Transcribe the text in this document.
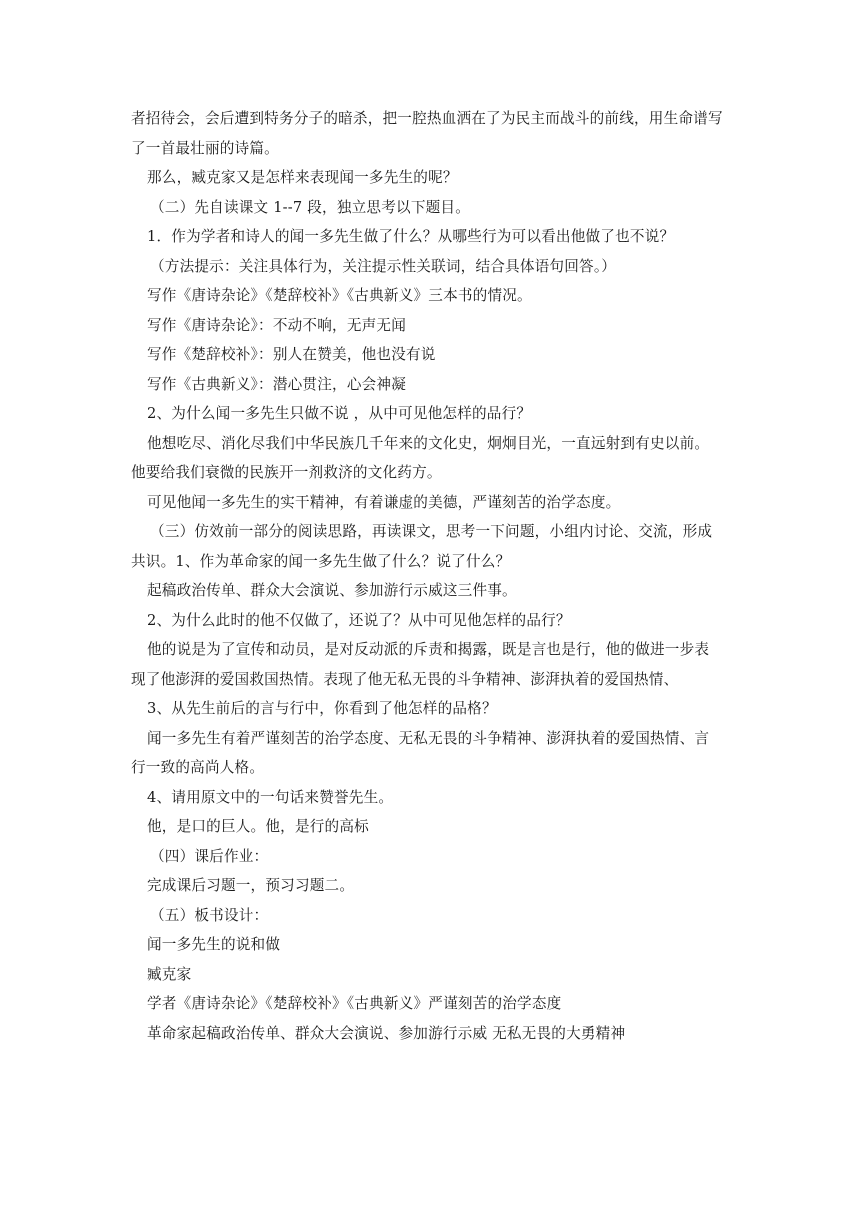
者招待会，会后遭到特务分子的暗杀，把一腔热血洒在了为民主而战斗的前线，用生命谱写
了一首最壮丽的诗篇。
那么，臧克家又是怎样来表现闻一多先生的呢？
（二）先自读课文 1--7 段，独立思考以下题目。
1．作为学者和诗人的闻一多先生做了什么？从哪些行为可以看出他做了也不说？
（方法提示：关注具体行为，关注提示性关联词，结合具体语句回答。）
写作《唐诗杂论》《楚辞校补》《古典新义》三本书的情况。
写作《唐诗杂论》：不动不响，无声无闻
写作《楚辞校补》：别人在赞美，他也没有说
写作《古典新义》：潜心贯注，心会神凝
2、为什么闻一多先生只做不说 ，从中可见他怎样的品行？
他想吃尽、消化尽我们中华民族几千年来的文化史，炯炯目光，一直远射到有史以前。
他要给我们衰微的民族开一剂救济的文化药方。
可见他闻一多先生的实干精神，有着谦虚的美德，严谨刻苦的治学态度。
（三）仿效前一部分的阅读思路，再读课文，思考一下问题，小组内讨论、交流，形成
共识。1、作为革命家的闻一多先生做了什么？说了什么？
起稿政治传单、群众大会演说、参加游行示威这三件事。
2、为什么此时的他不仅做了，还说了？从中可见他怎样的品行？
他的说是为了宣传和动员，是对反动派的斥责和揭露，既是言也是行，他的做进一步表
现了他澎湃的爱国救国热情。表现了他无私无畏的斗争精神、澎湃执着的爱国热情、
3、从先生前后的言与行中，你看到了他怎样的品格？
闻一多先生有着严谨刻苦的治学态度、无私无畏的斗争精神、澎湃执着的爱国热情、言
行一致的高尚人格。
4、请用原文中的一句话来赞誉先生。
他，是口的巨人。他，是行的高标
（四）课后作业：
完成课后习题一，预习习题二。
（五）板书设计：
闻一多先生的说和做
臧克家
学者《唐诗杂论》《楚辞校补》《古典新义》严谨刻苦的治学态度
革命家起稿政治传单、群众大会演说、参加游行示威 无私无畏的大勇精神
